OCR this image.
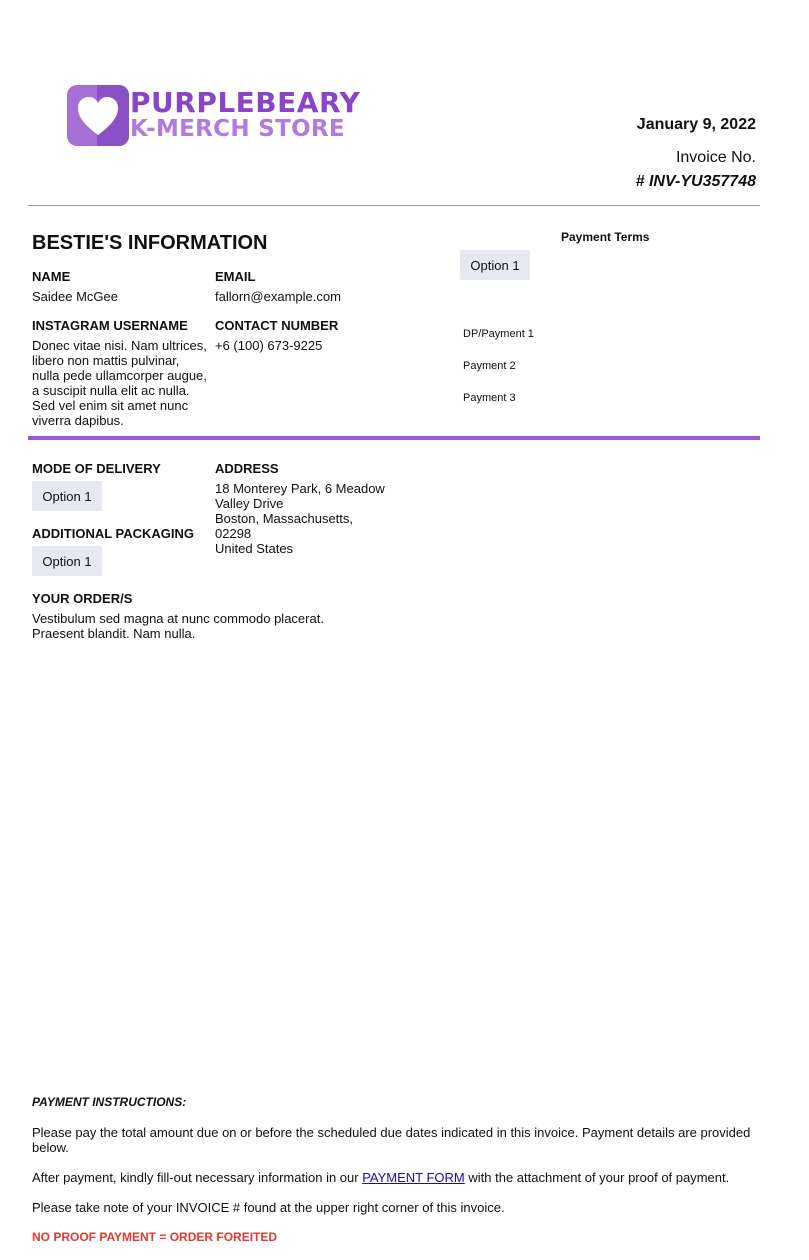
PURPLEBEARY
K-MERCH STORE	January 9, 2022
Invoice No.
# INV-YU357748
BESTIE'S INFORMATION
NAME
Saidee McGee
EMAIL
fallorn@example.com
INSTAGRAM USERNAME
Donec vitae nisi. Nam ultrices, libero non mattis pulvinar, nulla pede ullamcorper augue, a suscipit nulla elit ac nulla. Sed vel enim sit amet nunc viverra dapibus.
CONTACT NUMBER
+6 (100) 673-9225
Payment Terms
Option 1
DP/Payment 1
Payment 2
Payment 3
MODE OF DELIVERY
Option 1
ADDITIONAL PACKAGING
Option 1
ADDRESS
18 Monterey Park, 6 Meadow
Valley Drive
Boston, Massachusetts,
02298
United States
YOUR ORDER/S
Vestibulum sed magna at nunc commodo placerat.
Praesent blandit. Nam nulla.
PAYMENT INSTRUCTIONS:
Please pay the total amount due on or before the scheduled due dates indicated in this invoice. Payment details are provided below.
After payment, kindly fill-out necessary information in our PAYMENT FORM with the attachment of your proof of payment.
Please take note of your INVOICE # found at the upper right corner of this invoice.
NO PROOF PAYMENT = ORDER FOREITED
